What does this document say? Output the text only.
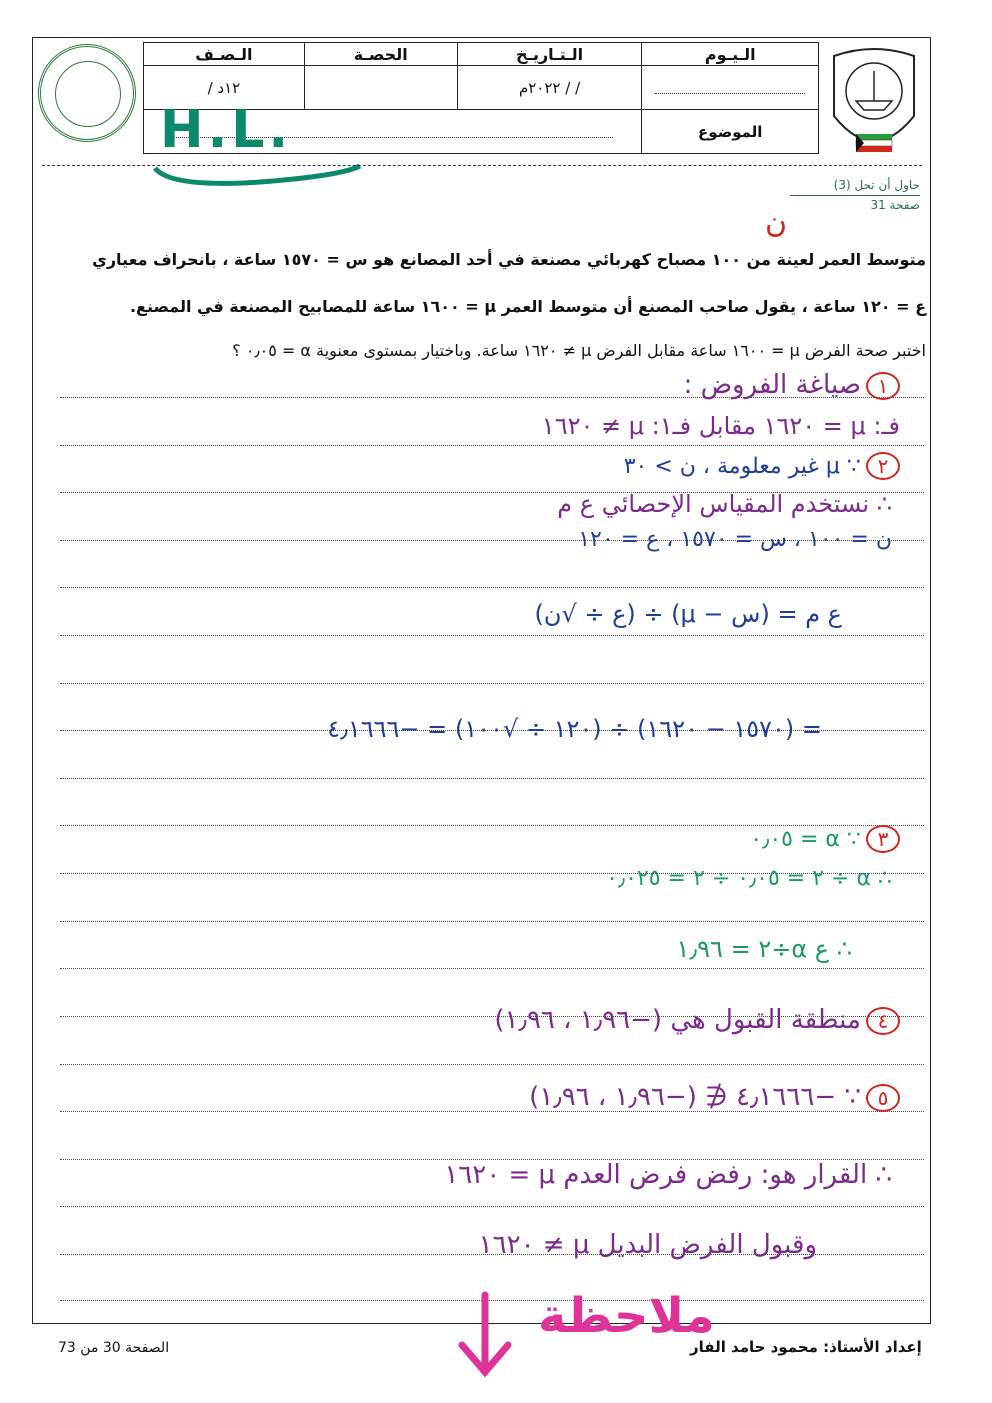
الـيـوم	الـتـاريـخ	الحصـة	الـصـف
	/ / ٢٠٢٢م		١٢د /
الموضوع			
H.L.
حاول أن تحل (3)
صفحة 31
ن
متوسط العمر لعينة من ١٠٠ مصباح كهربائي مصنعة في أحد المصانع هو س = ١٥٧٠ ساعة ، بانحراف معياري
ع = ١٢٠ ساعة ، يقول صاحب المصنع أن متوسط العمر μ = ١٦٠٠ ساعة للمصابيح المصنعة في المصنع.
اختبر صحة الفرض μ = ١٦٠٠ ساعة مقابل الفرض μ ≠ ١٦٢٠ ساعة. وباختيار بمستوى معنوية α = ٠٫٠٥ ؟
١ صياغة الفروض :
فـ: μ = ١٦٢٠ مقابل فـ١: μ ≠ ١٦٢٠
٢ ∵ μ غير معلومة ، ن > ٣٠
∴ نستخدم المقياس الإحصائي ع م
ن = ١٠٠ ، س = ١٥٧٠ ، ع = ١٢٠
ع م = (س − μ) ÷ (ع ÷ √ن)
= (١٥٧٠ − ١٦٢٠) ÷ (١٢٠ ÷ √١٠٠) = −٤٫١٦٦٦
٣ ∵ α = ٠٫٠٥
∴ α ÷ ٢ = ٠٫٠٥ ÷ ٢ = ٠٫٠٢٥
∴ ع α÷٢ = ١٫٩٦
٤ منطقة القبول هي (−١٫٩٦ ، ١٫٩٦)
٥ ∵ −٤٫١٦٦٦ ∉ (−١٫٩٦ ، ١٫٩٦)
∴ القرار هو: رفض فرض العدم μ = ١٦٢٠
وقبول الفرض البديل μ ≠ ١٦٢٠
ملاحظة
الصفحة 30 من 73	إعداد الأستاذ: محمود حامد الفار
